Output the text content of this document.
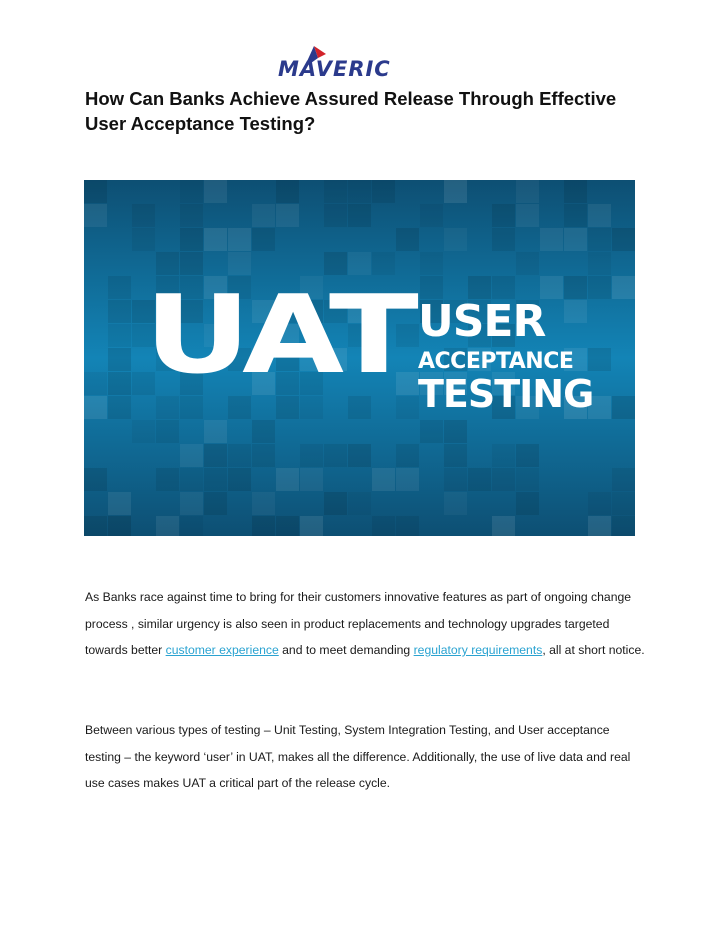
MAVERIC
How Can Banks Achieve Assured Release Through Effective User Acceptance Testing?
UAT USER
ACCEPTANCE
TESTING

As Banks race against time to bring for their customers innovative features as part of ongoing change process , similar urgency is also seen in product replacements and technology upgrades targeted towards better customer experience and to meet demanding regulatory requirements, all at short notice.

Between various types of testing – Unit Testing, System Integration Testing, and User acceptance testing – the keyword ‘user’ in UAT, makes all the difference. Additionally, the use of live data and real use cases makes UAT a critical part of the release cycle.
